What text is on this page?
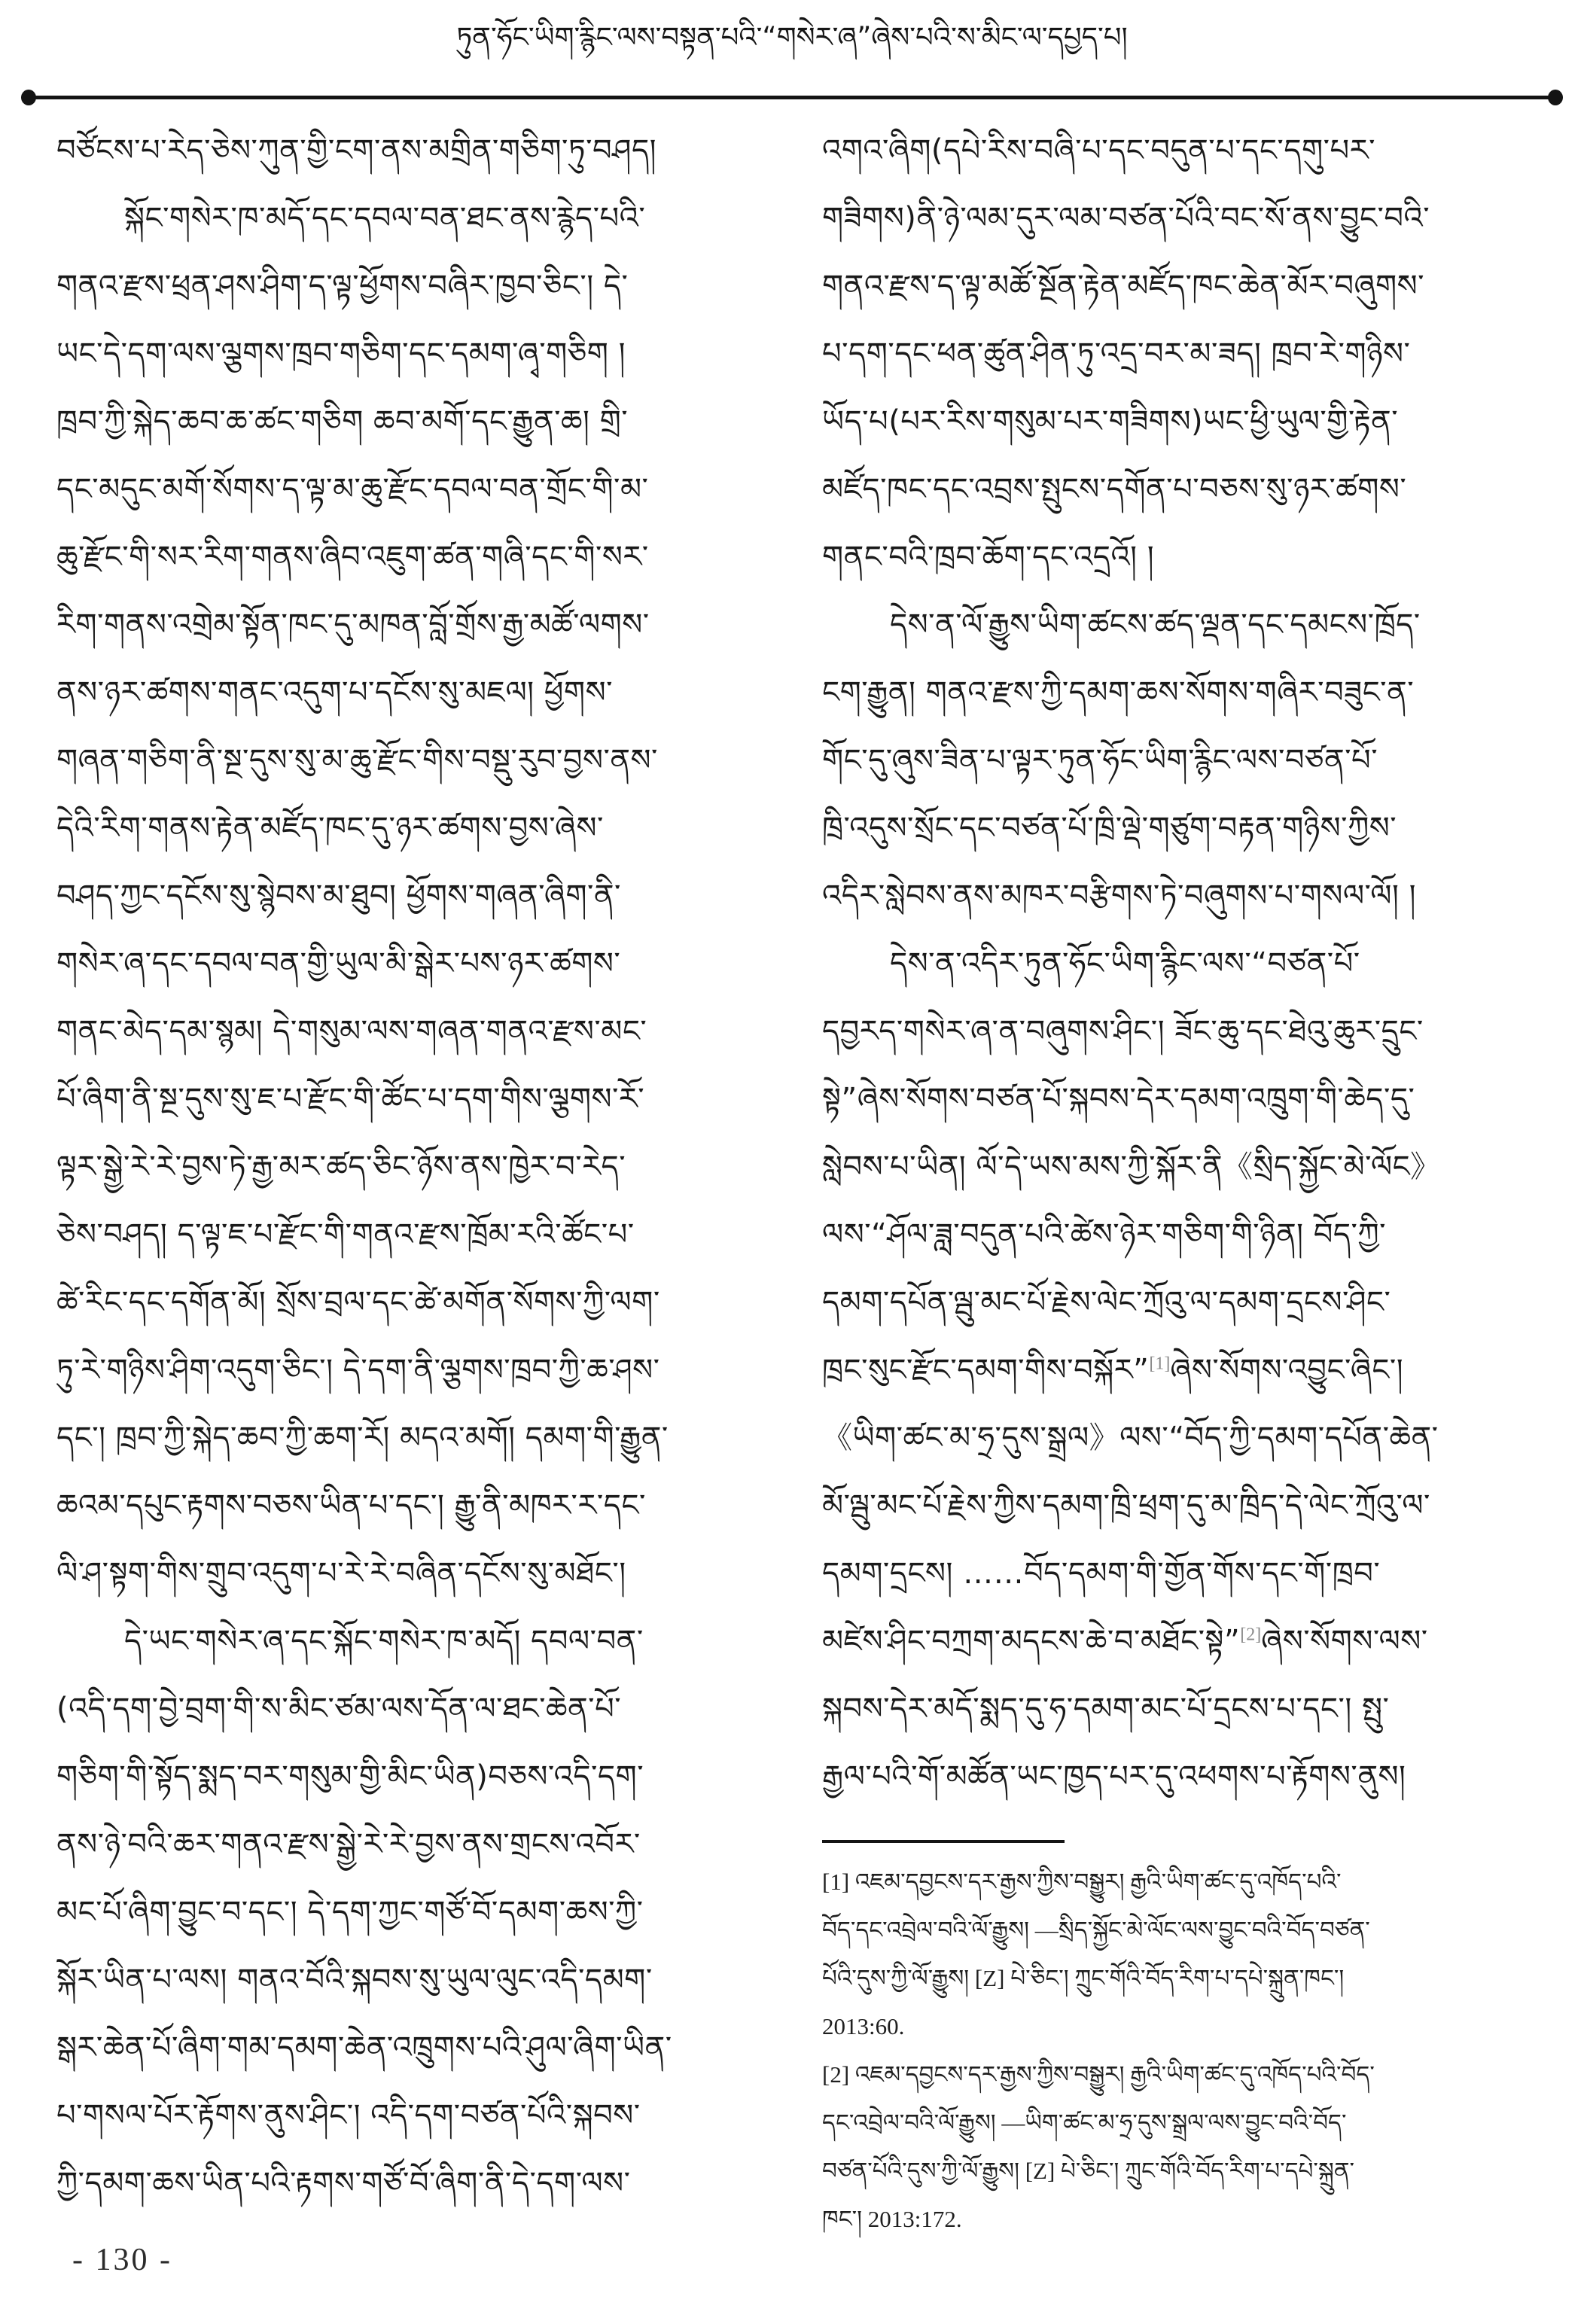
ཏུན་ཧོང་ཡིག་རྙིང་ལས་བསྟན་པའི་“གསེར་ཞ”ཞེས་པའི་ས་མིང་ལ་དཔྱད་པ།
བཙོངས་པ་རེད་ཅེས་ཀུན་གྱི་ངག་ནས་མགྲིན་གཅིག་ཏུ་བཤད།
སྐོང་གསེར་ཁ་མདོ་དང་དབལ་བན་ཐང་ནས་རྙེད་པའི་
གནའ་རྫས་ཕྲན་ཤས་ཤིག་ད་ལྟ་ཕྱོགས་བཞིར་ཁྱབ་ཅིང་། དེ་
ཡང་དེ་དག་ལས་ལྕགས་ཁྲབ་གཅིག་དང་དམག་ཞྭ་གཅིག །
ཁྲབ་ཀྱི་སྐེད་ཆབ་ཆ་ཚང་གཅིག ཆབ་མགོ་དང་རྒྱུན་ཆ། གྲི་
དང་མདུང་མགོ་སོགས་ད་ལྟ་མ་ཆུ་རྫོང་དབལ་བན་གྲོང་གི་མ་
ཆུ་རྫོང་གི་སར་རིག་གནས་ཞིབ་འཇུག་ཚན་གཞི་དང་གི་སར་
རིག་གནས་འགྲེམ་སྟོན་ཁང་དུ་མཁན་བློ་གྲོས་རྒྱ་མཚོ་ལགས་
ནས་ཉར་ཚགས་གནང་འདུག་པ་དངོས་སུ་མཇལ། ཕྱོགས་
གཞན་གཅིག་ནི་སྔ་དུས་སུ་མ་ཆུ་རྫོང་གིས་བསྡུ་རུབ་བྱས་ནས་
དེའི་རིག་གནས་རྟེན་མཛོད་ཁང་དུ་ཉར་ཚགས་བྱས་ཞེས་
བཤད་ཀྱང་དངོས་སུ་སྙེབས་མ་ཐུབ། ཕྱོགས་གཞན་ཞིག་ནི་
གསེར་ཞ་དང་དབལ་བན་གྱི་ཡུལ་མི་སྒེར་པས་ཉར་ཚགས་
གནང་མེད་དམ་སྙམ། དེ་གསུམ་ལས་གཞན་གནའ་རྫས་མང་
པོ་ཞིག་ནི་སྔ་དུས་སུ་ཇ་པ་རྫོང་གི་ཚོང་པ་དག་གིས་ལྕགས་རོ་
ལྟར་སྒྱེ་རེ་རེ་བྱས་ཏེ་རྒྱ་མར་ཚད་ཅིང་ཉོས་ནས་ཁྱེར་བ་རེད་
ཅེས་བཤད། ད་ལྟ་ཇ་པ་རྫོང་གི་གནའ་རྫས་ཁྲོམ་རའི་ཚོང་པ་
ཚེ་རིང་དང་དགོན་མོ། སྲོས་བྲལ་དང་ཚེ་མགོན་སོགས་ཀྱི་ལག་
ཏུ་རེ་གཉིས་ཤིག་འདུག་ཅིང་། དེ་དག་ནི་ལྕགས་ཁྲབ་ཀྱི་ཆ་ཤས་
དང་། ཁྲབ་ཀྱི་སྐེད་ཆབ་ཀྱི་ཆག་རོ། མདའ་མགོ། དམག་གི་རྒྱུན་
ཆའམ་དཔུང་རྟགས་བཅས་ཡིན་པ་དང་། རྒྱུ་ནི་མཁར་ར་དང་
ལི་ཤ་སྟག་གིས་གྲུབ་འདུག་པ་རེ་རེ་བཞིན་དངོས་སུ་མཐོང་།
དེ་ཡང་གསེར་ཞ་དང་སྐོང་གསེར་ཁ་མདོ། དབལ་བན་
(འདི་དག་བྱེ་བྲག་གི་ས་མིང་ཙམ་ལས་དོན་ལ་ཐང་ཆེན་པོ་
གཅིག་གི་སྟོད་སྨད་བར་གསུམ་གྱི་མིང་ཡིན)བཅས་འདི་དག་
ནས་ཉེ་བའི་ཆར་གནའ་རྫས་སྒྱེ་རེ་རེ་བྱས་ནས་གྲངས་འབོར་
མང་པོ་ཞིག་བྱུང་བ་དང་། དེ་དག་ཀྱང་གཙོ་བོ་དམག་ཆས་ཀྱི་
སྐོར་ཡིན་པ་ལས། གནའ་བོའི་སྐབས་སུ་ཡུལ་ལུང་འདི་དམག་
སྒར་ཆེན་པོ་ཞིག་གམ་དམག་ཆེན་འཁྲུགས་པའི་ཤུལ་ཞིག་ཡིན་
པ་གསལ་པོར་རྟོགས་ནུས་ཤིང་། འདི་དག་བཙན་པོའི་སྐབས་
ཀྱི་དམག་ཆས་ཡིན་པའི་རྟགས་གཙོ་བོ་ཞིག་ནི་དེ་དག་ལས་
འགའ་ཞིག(དཔེ་རིས་བཞི་པ་དང་བདུན་པ་དང་དགུ་པར་
གཟིགས)ནི་ཉེ་ལམ་དུར་ལམ་བཙན་པོའི་བང་སོ་ནས་བྱུང་བའི་
གནའ་རྫས་ད་ལྟ་མཚོ་སྔོན་རྟེན་མཛོད་ཁང་ཆེན་མོར་བཞུགས་
པ་དག་དང་ཕན་ཚུན་ཤིན་ཏུ་འདྲ་བར་མ་ཟད། ཁྲབ་རེ་གཉིས་
ཡོད་པ(པར་རིས་གསུམ་པར་གཟིགས)ཡང་ཕྱི་ཡུལ་གྱི་རྟེན་
མཛོད་ཁང་དང་འབྲས་སྤུངས་དགོན་པ་བཅས་སུ་ཉར་ཚགས་
གནང་བའི་ཁྲབ་ཆོག་དང་འདྲའོ། །
དེས་ན་ལོ་རྒྱུས་ཡིག་ཚངས་ཚད་ལྡན་དང་དམངས་ཁྲོད་
ངག་རྒྱུན། གནའ་རྫས་ཀྱི་དམག་ཆས་སོགས་གཞིར་བཟུང་ན་
གོང་དུ་ཞུས་ཟིན་པ་ལྟར་ཏུན་ཧོང་ཡིག་རྙིང་ལས་བཙན་པོ་
ཁྲི་འདུས་སྲོང་དང་བཙན་པོ་ཁྲི་ལྡེ་གཙུག་བརྟན་གཉིས་ཀྱིས་
འདིར་སླེབས་ནས་མཁར་བརྩིགས་ཏེ་བཞུགས་པ་གསལ་ལོ། །
དེས་ན་འདིར་ཏུན་ཧོང་ཡིག་རྙིང་ལས་“བཙན་པོ་
དབྱརད་གསེར་ཞ་ན་བཞུགས་ཤིང་། ཟོང་ཆུ་དང་ཐེའུ་ཆུར་དྲུང་
སྟེ”ཞེས་སོགས་བཙན་པོ་སྐབས་དེར་དམག་འཁྲུག་གི་ཆེད་དུ་
སླེབས་པ་ཡིན། ལོ་དེ་ཡས་མས་ཀྱི་སྐོར་ནི《སྲིད་སྐྱོང་མེ་ལོང》
ལས་“ཤོལ་ཟླ་བདུན་པའི་ཚེས་ཉེར་གཅིག་གི་ཉིན། བོད་ཀྱི་
དམག་དཔོན་ལྦུ་མང་པོ་རྗེས་ལེང་ཀྲོའུ་ལ་དམག་དྲངས་ཤིང་
ཁྲང་སུང་རྫོང་དམག་གིས་བསྐོར”[1]ཞེས་སོགས་འབྱུང་ཞིང་།
《ཡིག་ཚང་མ་ཧྲ་དུས་སྒྲལ》ལས་“བོད་ཀྱི་དམག་དཔོན་ཆེན་
མོ་ལྦུ་མང་པོ་རྗེས་ཀྱིས་དམག་ཁྲི་ཕྲག་དུ་མ་ཁྲིད་དེ་ལེང་ཀྲོའུ་ལ་
དམག་དྲངས། ……བོད་དམག་གི་གྱོན་གོས་དང་གོ་ཁྲབ་
མཛེས་ཤིང་བཀྲག་མདངས་ཆེ་བ་མཐོང་སྟེ”[2]ཞེས་སོགས་ལས་
སྐབས་དེར་མདོ་སྨད་དུ་ཧ་དམག་མང་པོ་དྲངས་པ་དང་། སྤུ་
རྒྱལ་པའི་གོ་མཚོན་ཡང་ཁྱད་པར་དུ་འཕགས་པ་རྟོགས་ནུས།
[1] འཇམ་དབྱངས་དར་རྒྱས་ཀྱིས་བསྒྱུར། རྒྱའི་ཡིག་ཚང་དུ་འཁོད་པའི་
བོད་དང་འབྲེལ་བའི་ལོ་རྒྱུས། —སྲིད་སྐྱོང་མེ་ལོང་ལས་བྱུང་བའི་བོད་བཙན་
པོའི་དུས་ཀྱི་ལོ་རྒྱུས། [Z] པེ་ཅིང་། ཀྲུང་གོའི་བོད་རིག་པ་དཔེ་སྐྲུན་ཁང་།
2013:60.
[2] འཇམ་དབྱངས་དར་རྒྱས་ཀྱིས་བསྒྱུར། རྒྱའི་ཡིག་ཚང་དུ་འཁོད་པའི་བོད་
དང་འབྲེལ་བའི་ལོ་རྒྱུས། —ཡིག་ཚང་མ་ཧྲ་དུས་སྒྲལ་ལས་བྱུང་བའི་བོད་
བཙན་པོའི་དུས་ཀྱི་ལོ་རྒྱུས། [Z] པེ་ཅིང་། ཀྲུང་གོའི་བོད་རིག་པ་དཔེ་སྐྲུན་
ཁང་། 2013:172.
- 130 -
